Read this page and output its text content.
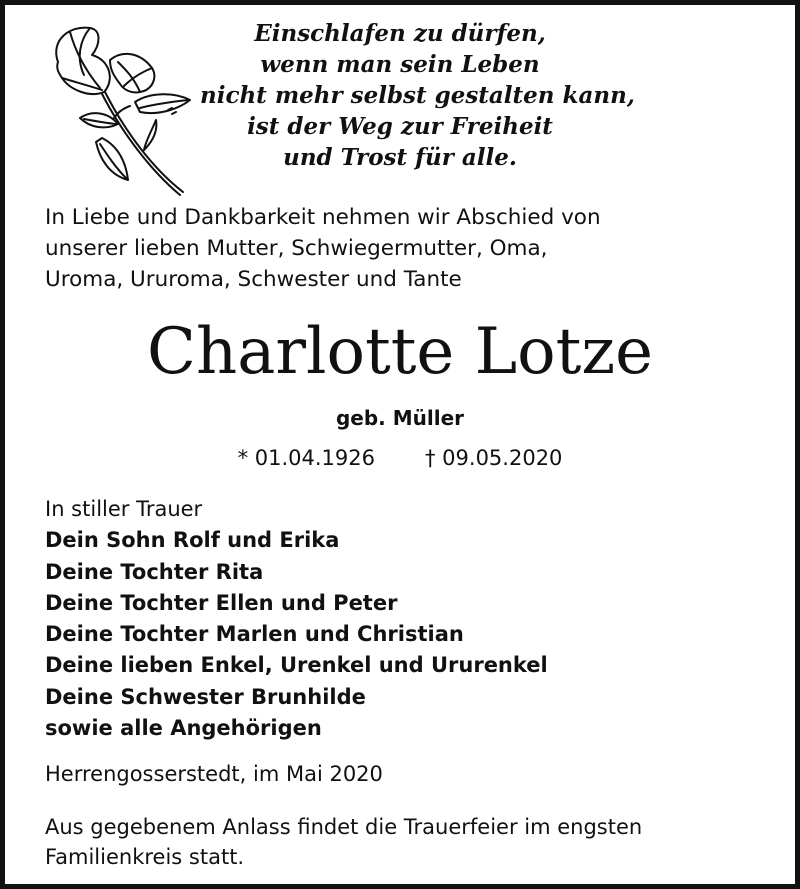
Einschlafen zu dürfen,
wenn man sein Leben
nicht mehr selbst gestalten kann,
ist der Weg zur Freiheit
und Trost für alle.
In Liebe und Dankbarkeit nehmen wir Abschied von
unserer lieben Mutter, Schwiegermutter, Oma,
Uroma, Ururoma, Schwester und Tante
Charlotte Lotze
geb. Müller
* 01.04.1926 † 09.05.2020
In stiller Trauer
Dein Sohn Rolf und Erika
Deine Tochter Rita
Deine Tochter Ellen und Peter
Deine Tochter Marlen und Christian
Deine lieben Enkel, Urenkel und Ururenkel
Deine Schwester Brunhilde
sowie alle Angehörigen
Herrengosserstedt, im Mai 2020
Aus gegebenem Anlass findet die Trauerfeier im engsten
Familienkreis statt.
